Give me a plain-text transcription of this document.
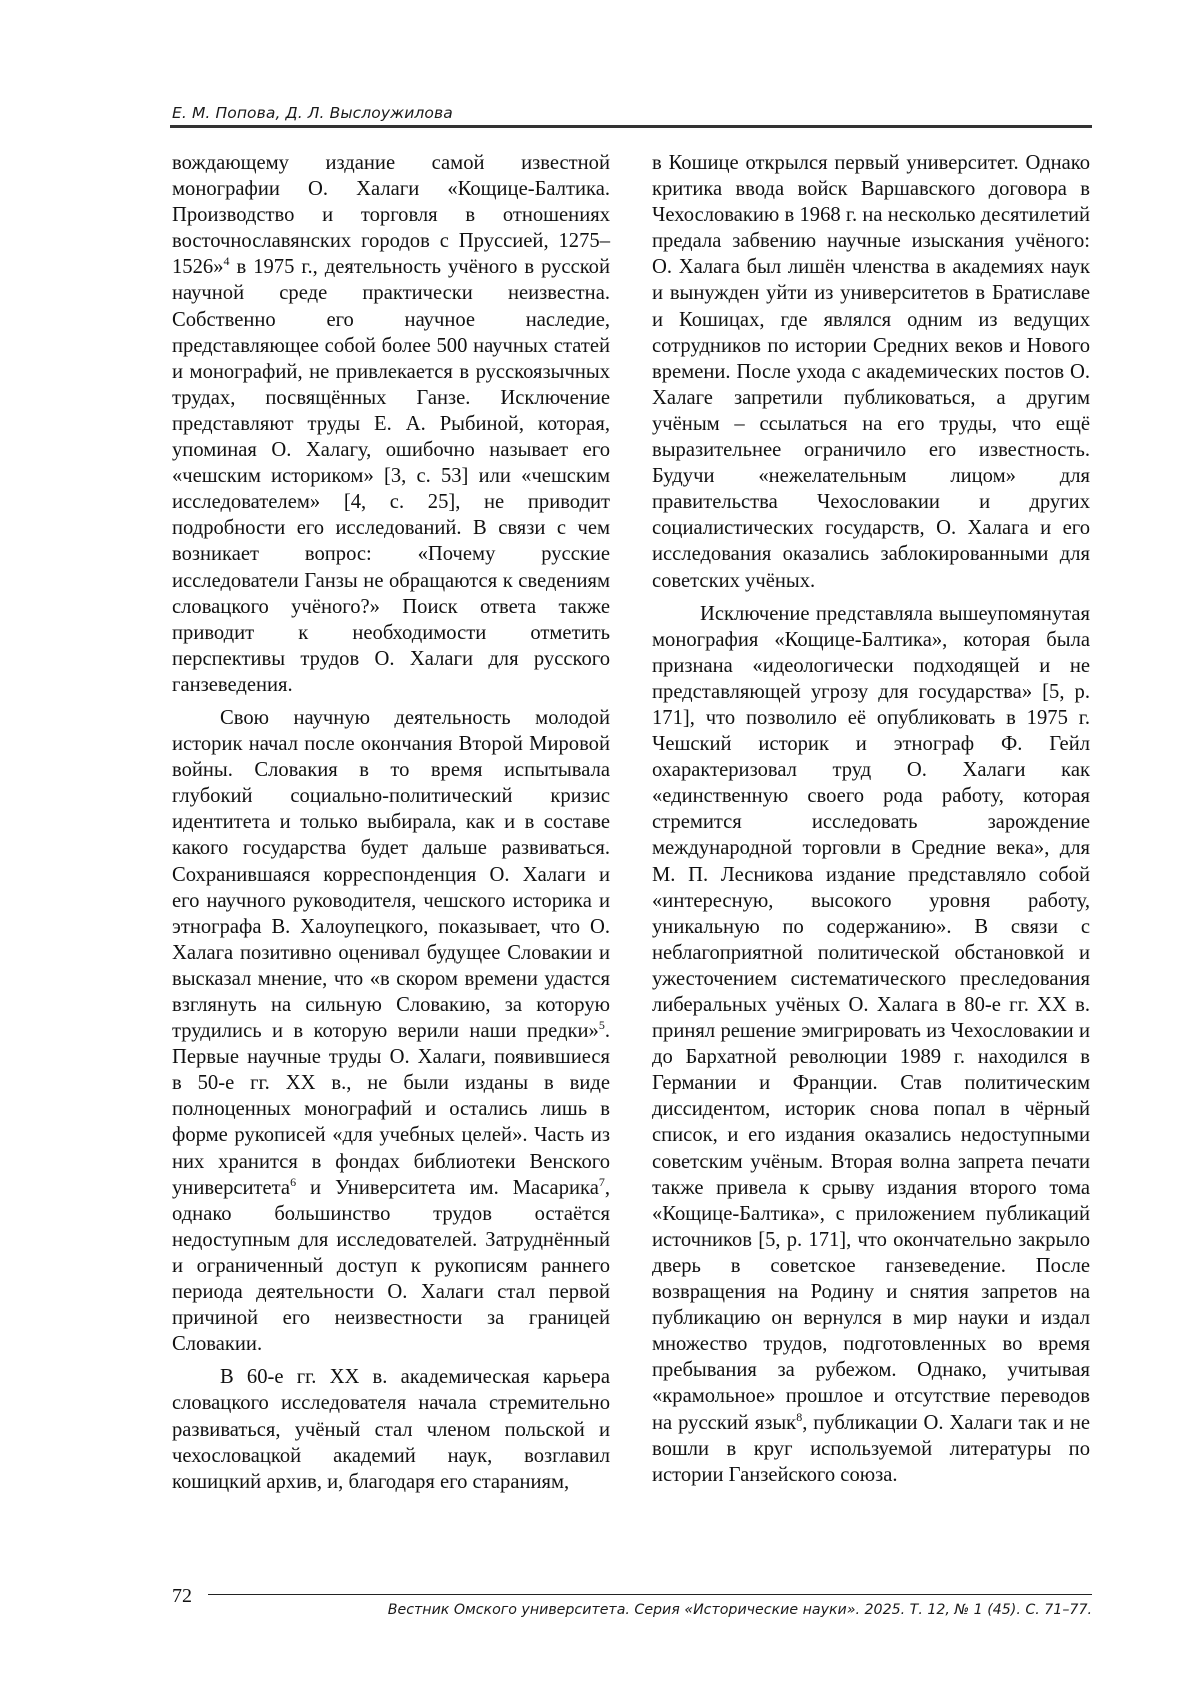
Е. М. Попова, Д. Л. Выслоужилова

вождающему издание самой известной монографии О. Халаги «Кощице-Балтика. Производство и торговля в отношениях восточнославянских городов с Пруссией, 1275–1526»$^4$ в 1975 г., деятельность учёного в русской научной среде практически неизвестна. Собственно его научное наследие, представляющее собой более 500 научных статей и монографий, не привлекается в русскоязычных трудах, посвящённых Ганзе. Исключение представляют труды Е. А. Рыбиной, которая, упоминая О. Халагу, ошибочно называет его «чешским историком» [3, с. 53] или «чешским исследователем» [4, с. 25], не приводит подробности его исследований. В связи с чем возникает вопрос: «Почему русские исследователи Ганзы не обращаются к сведениям словацкого учёного?» Поиск ответа также приводит к необходимости отметить перспективы трудов О. Халаги для русского ганзеведения.

Свою научную деятельность молодой историк начал после окончания Второй Мировой войны. Словакия в то время испытывала глубокий социально-политический кризис идентитета и только выбирала, как и в составе какого государства будет дальше развиваться. Сохранившаяся корреспонденция О. Халаги и его научного руководителя, чешского историка и этнографа В. Халоупецкого, показывает, что О. Халага позитивно оценивал будущее Словакии и высказал мнение, что «в скором времени удастся взглянуть на сильную Словакию, за которую трудились и в которую верили наши предки»$^5$. Первые научные труды О. Халаги, появившиеся в 50-е гг. XX в., не были изданы в виде полноценных монографий и остались лишь в форме рукописей «для учебных целей». Часть из них хранится в фондах библиотеки Венского университета$^6$ и Университета им. Масарика$^7$, однако большинство трудов остаётся недоступным для исследователей. Затруднённый и ограниченный доступ к рукописям раннего периода деятельности О. Халаги стал первой причиной его неизвестности за границей Словакии.

В 60-е гг. XX в. академическая карьера словацкого исследователя начала стремительно развиваться, учёный стал членом польской и чехословацкой академий наук, возглавил кошицкий архив, и, благодаря его стараниям,

в Кошице открылся первый университет. Однако критика ввода войск Варшавского договора в Чехословакию в 1968 г. на несколько десятилетий предала забвению научные изыскания учёного: О. Халага был лишён членства в академиях наук и вынужден уйти из университетов в Братиславе и Кошицах, где являлся одним из ведущих сотрудников по истории Средних веков и Нового времени. После ухода с академических постов О. Халаге запретили публиковаться, а другим учёным – ссылаться на его труды, что ещё выразительнее ограничило его известность. Будучи «нежелательным лицом» для правительства Чехословакии и других социалистических государств, О. Халага и его исследования оказались заблокированными для советских учёных.

Исключение представляла вышеупомянутая монография «Кощице-Балтика», которая была признана «идеологически подходящей и не представляющей угрозу для государства» [5, p. 171], что позволило её опубликовать в 1975 г. Чешский историк и этнограф Ф. Гейл охарактеризовал труд О. Халаги как «единственную своего рода работу, которая стремится исследовать зарождение международной торговли в Средние века», для М. П. Лесникова издание представляло собой «интересную, высокого уровня работу, уникальную по содержанию». В связи с неблагоприятной политической обстановкой и ужесточением систематического преследования либеральных учёных О. Халага в 80-е гг. XX в. принял решение эмигрировать из Чехословакии и до Бархатной революции 1989 г. находился в Германии и Франции. Став политическим диссидентом, историк снова попал в чёрный список, и его издания оказались недоступными советским учёным. Вторая волна запрета печати также привела к срыву издания второго тома «Кощице-Балтика», с приложением публикаций источников [5, p. 171], что окончательно закрыло дверь в советское ганзеведение. После возвращения на Родину и снятия запретов на публикацию он вернулся в мир науки и издал множество трудов, подготовленных во время пребывания за рубежом. Однако, учитывая «крамольное» прошлое и отсутствие переводов на русский язык$^8$, публикации О. Халаги так и не вошли в круг используемой литературы по истории Ганзейского союза.

72
Вестник Омского университета. Серия «Исторические науки». 2025. Т. 12, № 1 (45). С. 71–77.
